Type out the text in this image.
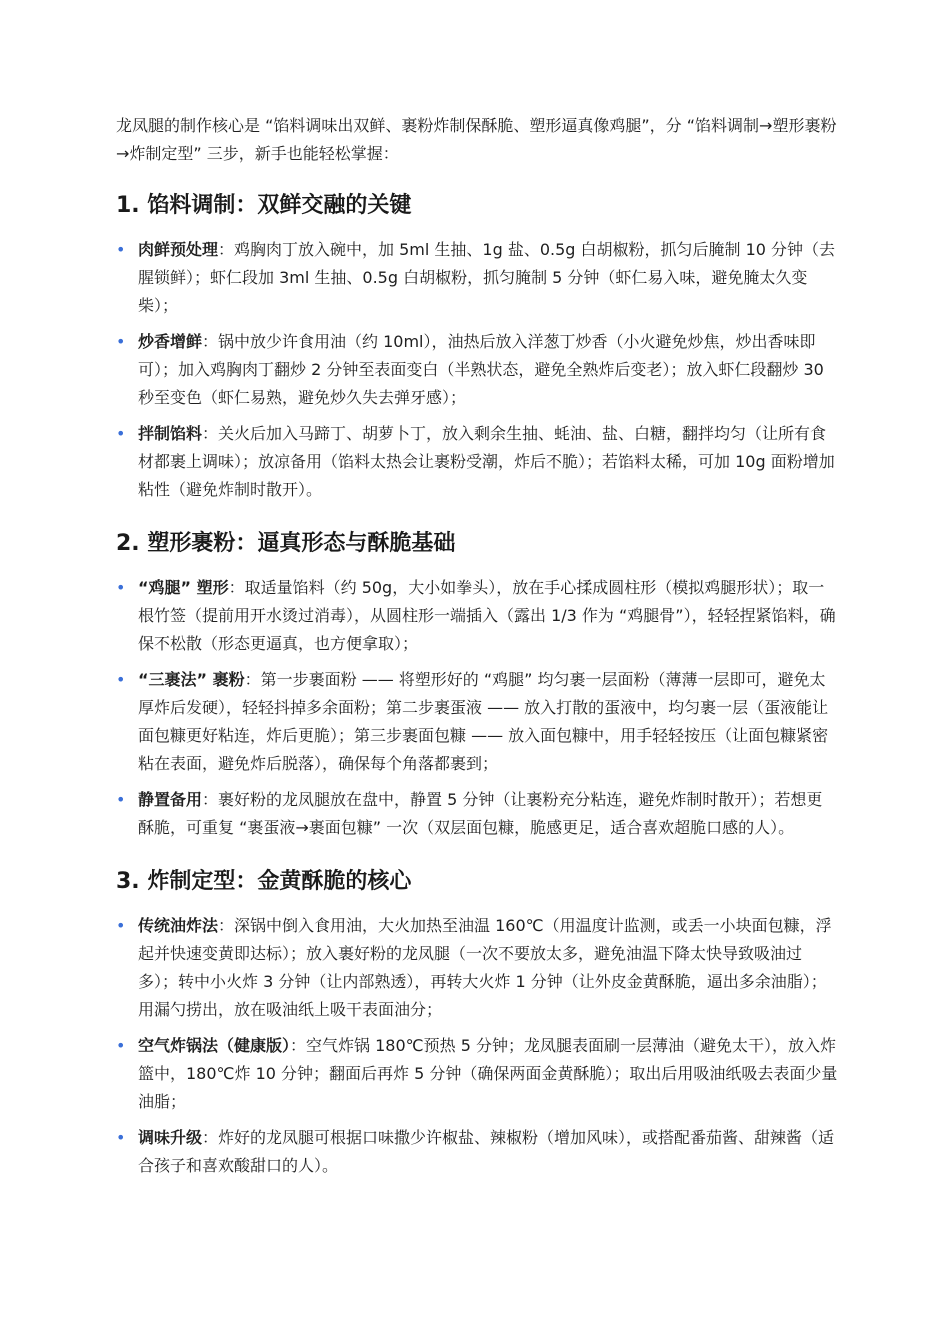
龙凤腿的制作核心是 “馅料调味出双鲜、裹粉炸制保酥脆、塑形逼真像鸡腿”，分 “馅料调制→塑形裹粉→炸制定型” 三步，新手也能轻松掌握：

1. 馅料调制：双鲜交融的关键
• 肉鲜预处理：鸡胸肉丁放入碗中，加 5ml 生抽、1g 盐、0.5g 白胡椒粉，抓匀后腌制 10 分钟（去腥锁鲜）；虾仁段加 3ml 生抽、0.5g 白胡椒粉，抓匀腌制 5 分钟（虾仁易入味，避免腌太久变柴）；
• 炒香增鲜：锅中放少许食用油（约 10ml），油热后放入洋葱丁炒香（小火避免炒焦，炒出香味即可）；加入鸡胸肉丁翻炒 2 分钟至表面变白（半熟状态，避免全熟炸后变老）；放入虾仁段翻炒 30 秒至变色（虾仁易熟，避免炒久失去弹牙感）；
• 拌制馅料：关火后加入马蹄丁、胡萝卜丁，放入剩余生抽、蚝油、盐、白糖，翻拌均匀（让所有食材都裹上调味）；放凉备用（馅料太热会让裹粉受潮，炸后不脆）；若馅料太稀，可加 10g 面粉增加粘性（避免炸制时散开）。
2. 塑形裹粉：逼真形态与酥脆基础
• “鸡腿” 塑形：取适量馅料（约 50g，大小如拳头），放在手心揉成圆柱形（模拟鸡腿形状）；取一根竹签（提前用开水烫过消毒），从圆柱形一端插入（露出 1/3 作为 “鸡腿骨”），轻轻捏紧馅料，确保不松散（形态更逼真，也方便拿取）；
• “三裹法” 裹粉：第一步裹面粉 —— 将塑形好的 “鸡腿” 均匀裹一层面粉（薄薄一层即可，避免太厚炸后发硬），轻轻抖掉多余面粉；第二步裹蛋液 —— 放入打散的蛋液中，均匀裹一层（蛋液能让面包糠更好粘连，炸后更脆）；第三步裹面包糠 —— 放入面包糠中，用手轻轻按压（让面包糠紧密粘在表面，避免炸后脱落），确保每个角落都裹到；
• 静置备用：裹好粉的龙凤腿放在盘中，静置 5 分钟（让裹粉充分粘连，避免炸制时散开）；若想更酥脆，可重复 “裹蛋液→裹面包糠” 一次（双层面包糠，脆感更足，适合喜欢超脆口感的人）。
3. 炸制定型：金黄酥脆的核心
• 传统油炸法：深锅中倒入食用油，大火加热至油温 160℃（用温度计监测，或丢一小块面包糠，浮起并快速变黄即达标）；放入裹好粉的龙凤腿（一次不要放太多，避免油温下降太快导致吸油过多）；转中小火炸 3 分钟（让内部熟透），再转大火炸 1 分钟（让外皮金黄酥脆，逼出多余油脂）；用漏勺捞出，放在吸油纸上吸干表面油分；
• 空气炸锅法（健康版）：空气炸锅 180℃预热 5 分钟；龙凤腿表面刷一层薄油（避免太干），放入炸篮中，180℃炸 10 分钟；翻面后再炸 5 分钟（确保两面金黄酥脆）；取出后用吸油纸吸去表面少量油脂；
• 调味升级：炸好的龙凤腿可根据口味撒少许椒盐、辣椒粉（增加风味），或搭配番茄酱、甜辣酱（适合孩子和喜欢酸甜口的人）。
